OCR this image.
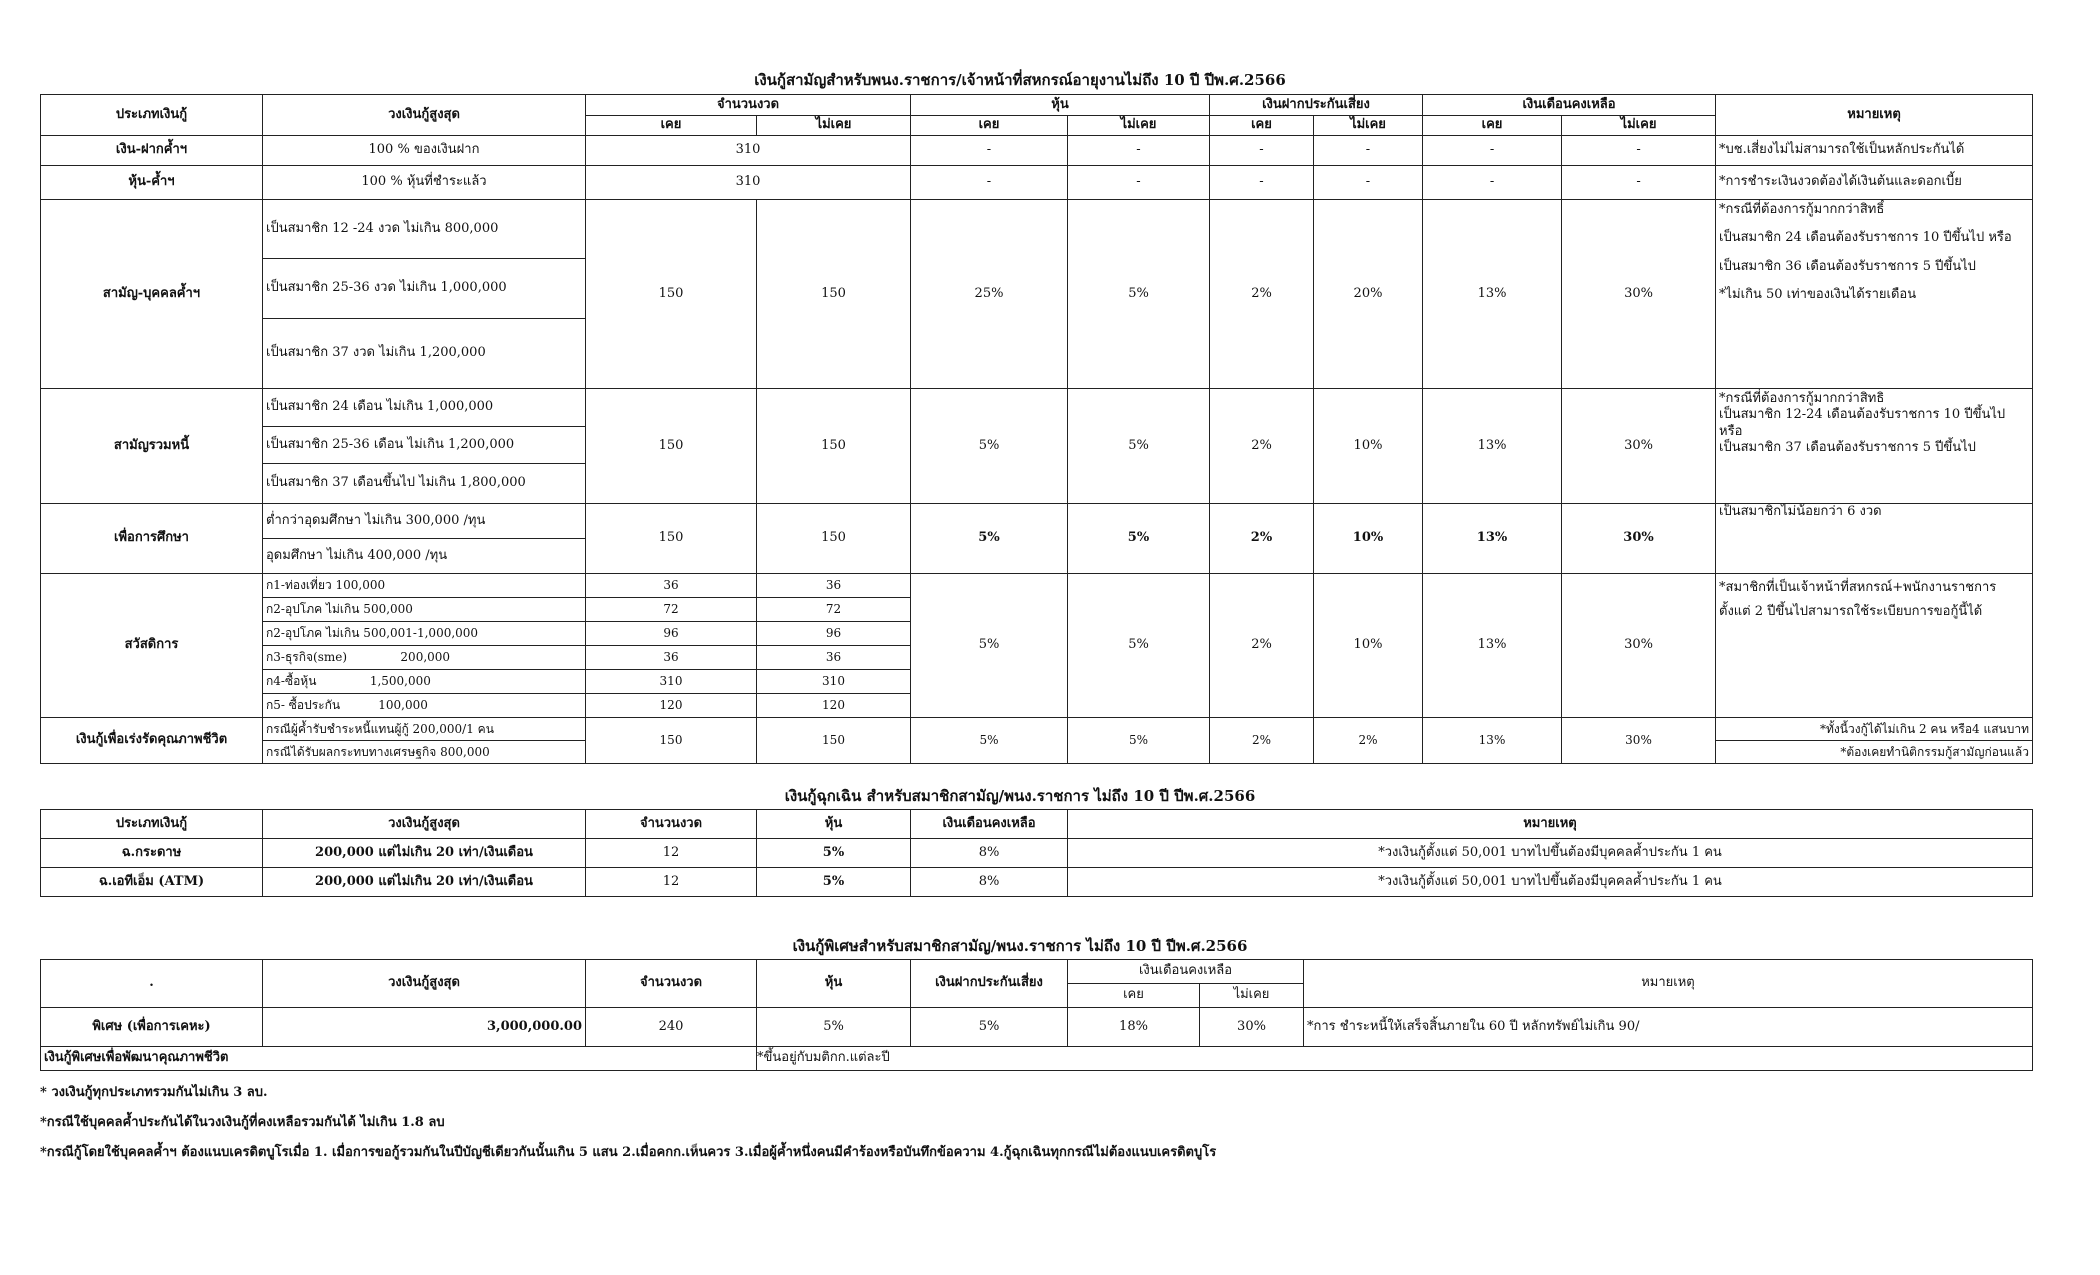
เงินกู้สามัญสำหรับพนง.ราชการ/เจ้าหน้าที่สหกรณ์อายุงานไม่ถึง 10 ปี ปีพ.ศ.2566
ประเภทเงินกู้	วงเงินกู้สูงสุด	จำนวนงวด		หุ้น		เงินฝากประกันเสี่ยง		เงินเดือนคงเหลือ		หมายเหตุ
		เคย	ไม่เคย	เคย	ไม่เคย	เคย	ไม่เคย	เคย	ไม่เคย	
เงิน-ฝากค้ำฯ	100 % ของเงินฝาก	310		-	-	-	-	-	-	*บช.เสี่ยงไม่ไม่สามารถใช้เป็นหลักประกันได้
หุ้น-ค้ำฯ	100 % หุ้นที่ชำระแล้ว	310		-	-	-	-	-	-	*การชำระเงินงวดต้องได้เงินต้นและดอกเบี้ย
สามัญ-บุคคลค้ำฯ	เป็นสมาชิก 12 -24 งวด ไม่เกิน 800,000	150	150	25%	5%	2%	20%	13%	30%	*กรณีที่ต้องการกู้มากกว่าสิทธิ์
เป็นสมาชิก 24 เดือนต้องรับราชการ 10 ปีขึ้นไป หรือ
เป็นสมาชิก 36 เดือนต้องรับราชการ 5 ปีขึ้นไป
*ไม่เกิน 50 เท่าของเงินได้รายเดือน

	เป็นสมาชิก 25-36 งวด ไม่เกิน 1,000,000									
	เป็นสมาชิก 37 งวด ไม่เกิน 1,200,000									
สามัญรวมหนี้	เป็นสมาชิก 24 เดือน ไม่เกิน 1,000,000	150	150	5%	5%	2%	10%	13%	30%	*กรณีที่ต้องการกู้มากกว่าสิทธิ
เป็นสมาชิก 12-24 เดือนต้องรับราชการ 10 ปีขึ้นไป หรือ
เป็นสมาชิก 37 เดือนต้องรับราชการ 5 ปีขึ้นไป

	เป็นสมาชิก 25-36 เดือน ไม่เกิน 1,200,000									
	เป็นสมาชิก 37 เดือนขึ้นไป ไม่เกิน 1,800,000									
เพื่อการศึกษา	ต่ำกว่าอุดมศึกษา ไม่เกิน 300,000 /ทุน	150	150	5%	5%	2%	10%	13%	30%	เป็นสมาชิกไม่น้อยกว่า 6 งวด
	อุดมศึกษา ไม่เกิน 400,000 /ทุน									
สวัสดิการ	ก1-ท่องเที่ยว 100,000	36	36	5%	5%	2%	10%	13%	30%	*สมาชิกที่เป็นเจ้าหน้าที่สหกรณ์+พนักงานราชการ
ตั้งแต่ 2 ปีขึ้นไปสามารถใช้ระเบียบการขอกู้นี้ได้

	ก2-อุปโภค ไม่เกิน 500,000	72	72							
	ก2-อุปโภค ไม่เกิน 500,001-1,000,000	96	96							
	ก3-ธุรกิจ(sme)              200,000	36	36							
	ก4-ซื้อหุ้น              1,500,000	310	310							
	ก5- ซื้อประกัน          100,000	120	120							
เงินกู้เพื่อเร่งรัดคุณภาพชีวิต	กรณีผู้ค้ำรับชำระหนี้แทนผู้กู้ 200,000/1 คน	150	150	5%	5%	2%	2%	13%	30%	*ทั้งนี้วงกู้ได้ไม่เกิน 2 คน หรือ4 แสนบาท
	กรณีได้รับผลกระทบทางเศรษฐกิจ 800,000									*ต้องเคยทำนิติกรรมกู้สามัญก่อนแล้ว
เงินกู้ฉุกเฉิน สำหรับสมาชิกสามัญ/พนง.ราชการ ไม่ถึง 10 ปี ปีพ.ศ.2566
ประเภทเงินกู้	วงเงินกู้สูงสุด	จำนวนงวด	หุ้น	เงินเดือนคงเหลือ	หมายเหตุ
ฉ.กระดาษ	200,000 แต่ไม่เกิน 20 เท่า/เงินเดือน	12	5%	8%	*วงเงินกู้ตั้งแต่ 50,001 บาทไปขึ้นต้องมีบุคคลค้ำประกัน 1 คน
ฉ.เอทีเอ็ม (ATM)	200,000 แต่ไม่เกิน 20 เท่า/เงินเดือน	12	5%	8%	*วงเงินกู้ตั้งแต่ 50,001 บาทไปขึ้นต้องมีบุคคลค้ำประกัน 1 คน
เงินกู้พิเศษสำหรับสมาชิกสามัญ/พนง.ราชการ ไม่ถึง 10 ปี ปีพ.ศ.2566
.	วงเงินกู้สูงสุด	จำนวนงวด	หุ้น	เงินฝากประกันเสี่ยง	เงินเดือนคงเหลือ		หมายเหตุ
					เคย	ไม่เคย	
พิเศษ (เพื่อการเคหะ)	3,000,000.00	240	5%	5%	18%	30%	*การ ชำระหนี้ให้เสร็จสิ้นภายใน 60 ปี หลักทรัพย์ไม่เกิน 90/
เงินกู้พิเศษเพื่อพัฒนาคุณภาพชีวิต			*ขึ้นอยู่กับมติกก.แต่ละปี				
* วงเงินกู้ทุกประเภทรวมกันไม่เกิน 3 ลบ.
*กรณีใช้บุคคลค้ำประกันได้ในวงเงินกู้ที่คงเหลือรวมกันได้ ไม่เกิน 1.8 ลบ
*กรณีกู้โดยใช้บุคคลค้ำฯ ต้องแนบเครดิตบูโรเมื่อ 1. เมื่อการขอกู้รวมกันในปีบัญชีเดียวกันนั้นเกิน 5 แสน 2.เมื่อคกก.เห็นควร 3.เมื่อผู้ค้ำหนึ่งคนมีคำร้องหรือบันทึกข้อความ 4.กู้ฉุกเฉินทุกกรณีไม่ต้องแนบเครดิตบูโร
